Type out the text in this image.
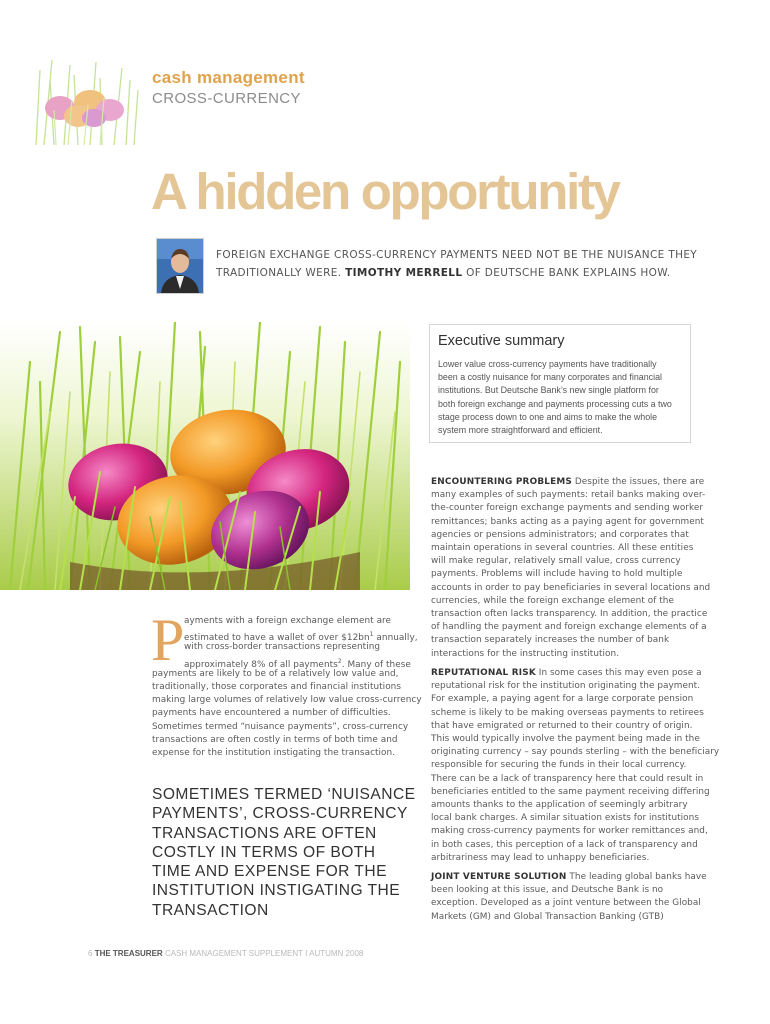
cash management
CROSS-CURRENCY
A hidden opportunity
FOREIGN EXCHANGE CROSS-CURRENCY PAYMENTS NEED NOT BE THE NUISANCE THEY
TRADITIONALLY WERE. TIMOTHY MERRELL OF DEUTSCHE BANK EXPLAINS HOW.
Executive summary
Lower value cross-currency payments have traditionally
been a costly nuisance for many corporates and financial
institutions. But Deutsche Bank’s new single platform for
both foreign exchange and payments processing cuts a two
stage process down to one and aims to make the whole
system more straightforward and efficient.
P ayments with a foreign exchange element are
estimated to have a wallet of over $\$12bn^1$ annually,
with cross-border transactions representing
approximately 8% of all payments$^2$. Many of these
payments are likely to be of a relatively low value and,
traditionally, those corporates and financial institutions
making large volumes of relatively low value cross-currency
payments have encountered a number of difficulties.
Sometimes termed “nuisance payments”, cross-currency
transactions are often costly in terms of both time and
expense for the institution instigating the transaction.
SOMETIMES TERMED ‘NUISANCE
PAYMENTS’, CROSS-CURRENCY
TRANSACTIONS ARE OFTEN
COSTLY IN TERMS OF BOTH
TIME AND EXPENSE FOR THE
INSTITUTION INSTIGATING THE
TRANSACTION
6 THE TREASURER CASH MANAGEMENT SUPPLEMENT I AUTUMN 2008
ENCOUNTERING PROBLEMS Despite the issues, there are
many examples of such payments: retail banks making over-
the-counter foreign exchange payments and sending worker
remittances; banks acting as a paying agent for government
agencies or pensions administrators; and corporates that
maintain operations in several countries. All these entities
will make regular, relatively small value, cross currency
payments. Problems will include having to hold multiple
accounts in order to pay beneficiaries in several locations and
currencies, while the foreign exchange element of the
transaction often lacks transparency. In addition, the practice
of handling the payment and foreign exchange elements of a
transaction separately increases the number of bank
interactions for the instructing institution.
REPUTATIONAL RISK In some cases this may even pose a
reputational risk for the institution originating the payment.
For example, a paying agent for a large corporate pension
scheme is likely to be making overseas payments to retirees
that have emigrated or returned to their country of origin.
This would typically involve the payment being made in the
originating currency – say pounds sterling – with the beneficiary
responsible for securing the funds in their local currency.
There can be a lack of transparency here that could result in
beneficiaries entitled to the same payment receiving differing
amounts thanks to the application of seemingly arbitrary
local bank charges. A similar situation exists for institutions
making cross-currency payments for worker remittances and,
in both cases, this perception of a lack of transparency and
arbitrariness may lead to unhappy beneficiaries.
JOINT VENTURE SOLUTION The leading global banks have
been looking at this issue, and Deutsche Bank is no
exception. Developed as a joint venture between the Global
Markets (GM) and Global Transaction Banking (GTB)
